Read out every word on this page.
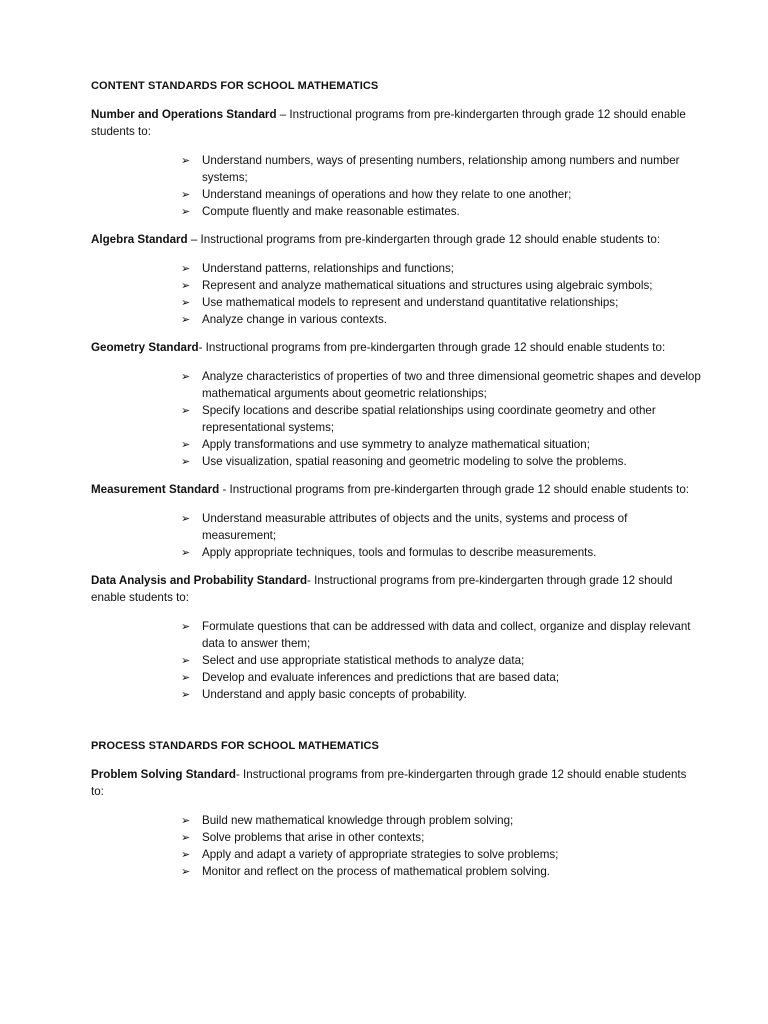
CONTENT STANDARDS FOR SCHOOL MATHEMATICS
Number and Operations Standard – Instructional programs from pre-kindergarten through grade 12 should enable students to:
➢ Understand numbers, ways of presenting numbers, relationship among numbers and number systems;
➢ Understand meanings of operations and how they relate to one another;
➢ Compute fluently and make reasonable estimates.
Algebra Standard – Instructional programs from pre-kindergarten through grade 12 should enable students to:
➢ Understand patterns, relationships and functions;
➢ Represent and analyze mathematical situations and structures using algebraic symbols;
➢ Use mathematical models to represent and understand quantitative relationships;
➢ Analyze change in various contexts.
Geometry Standard- Instructional programs from pre-kindergarten through grade 12 should enable students to:
➢ Analyze characteristics of properties of two and three dimensional geometric shapes and develop mathematical arguments about geometric relationships;
➢ Specify locations and describe spatial relationships using coordinate geometry and other representational systems;
➢ Apply transformations and use symmetry to analyze mathematical situation;
➢ Use visualization, spatial reasoning and geometric modeling to solve the problems.
Measurement Standard - Instructional programs from pre-kindergarten through grade 12 should enable students to:
➢ Understand measurable attributes of objects and the units, systems and process of measurement;
➢ Apply appropriate techniques, tools and formulas to describe measurements.
Data Analysis and Probability Standard- Instructional programs from pre-kindergarten through grade 12 should enable students to:
➢ Formulate questions that can be addressed with data and collect, organize and display relevant data to answer them;
➢ Select and use appropriate statistical methods to analyze data;
➢ Develop and evaluate inferences and predictions that are based data;
➢ Understand and apply basic concepts of probability.
PROCESS STANDARDS FOR SCHOOL MATHEMATICS
Problem Solving Standard- Instructional programs from pre-kindergarten through grade 12 should enable students to:
➢ Build new mathematical knowledge through problem solving;
➢ Solve problems that arise in other contexts;
➢ Apply and adapt a variety of appropriate strategies to solve problems;
➢ Monitor and reflect on the process of mathematical problem solving.
